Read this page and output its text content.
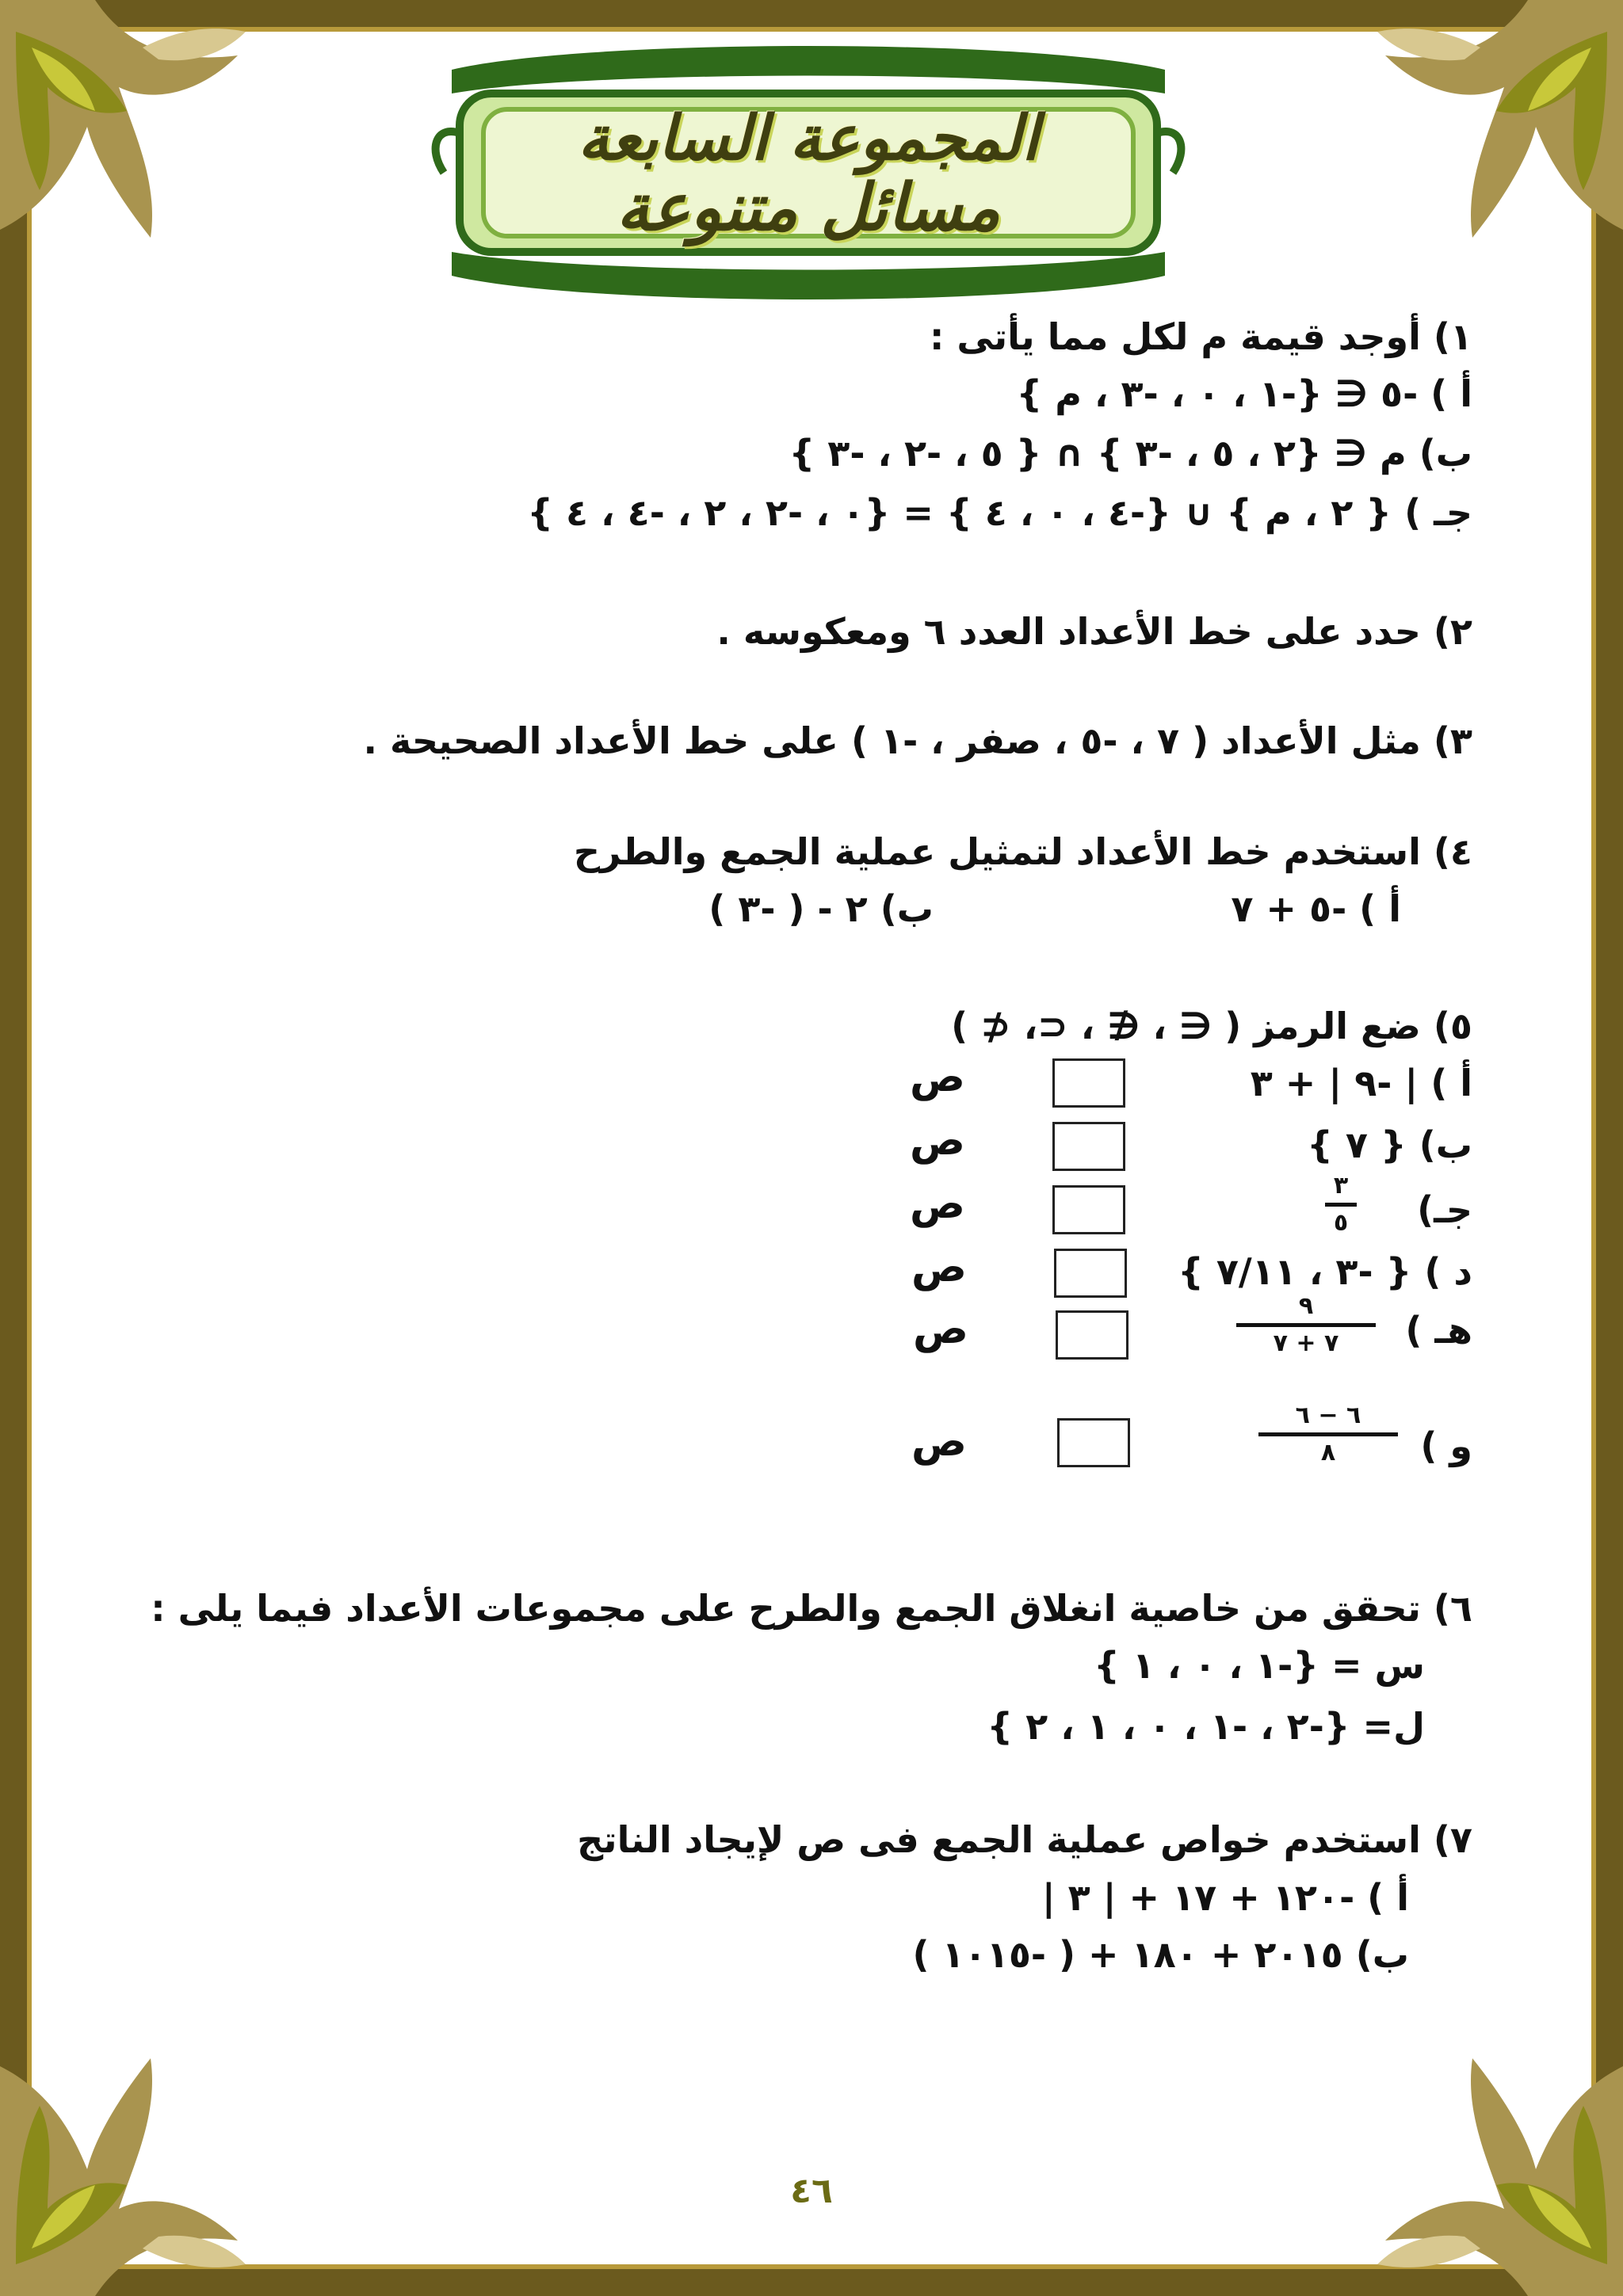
المجموعة السابعة
مسائل متنوعة
١) أوجد قيمة م لكل مما يأتى :
أ ) -٥ ∈ {-١ ، ٠ ، -٣ ، م }
ب) م ∈ {٢ ، ٥ ، -٣ } ∩ { ٥ ، -٢ ، -٣ }
جـ ) { ٢ ، م } ∪ {-٤ ، ٠ ، ٤ } = {٠ ، -٢ ، ٢ ، -٤ ، ٤ }
٢) حدد على خط الأعداد العدد ٦ ومعكوسه .
٣) مثل الأعداد ( ٧ ، -٥ ، صفر ، -١ ) على خط الأعداد الصحيحة .
٤) استخدم خط الأعداد لتمثيل عملية الجمع والطرح
أ ) -٥ + ٧
ب) ٢ - ( -٣ )
٥) ضع الرمز ( ∈ ، ∉ ، ⊂، ⊄ )
أ ) | -٩ | + ٣
ص
ب) { ٧ }
ص
جـ)
٣
٥
ص
د ) { -٣ ، ٧/١١ }
ص
هـ )
٩
٧ + ٧
ص
و )
٦ − ٦
٨
ص
٦) تحقق من خاصية انغلاق الجمع والطرح على مجموعات الأعداد فيما يلى :
س = {-١ ، ٠ ، ١ }
ل= {-٢ ، -١ ، ٠ ، ١ ، ٢ }
٧) استخدم خواص عملية الجمع فى ص لإيجاد الناتج
أ ) -١٢٠ + ١٧ + | ٣ |
ب) ٢٠١٥ + ١٨٠ + ( -١٠١٥ )
٤٦
